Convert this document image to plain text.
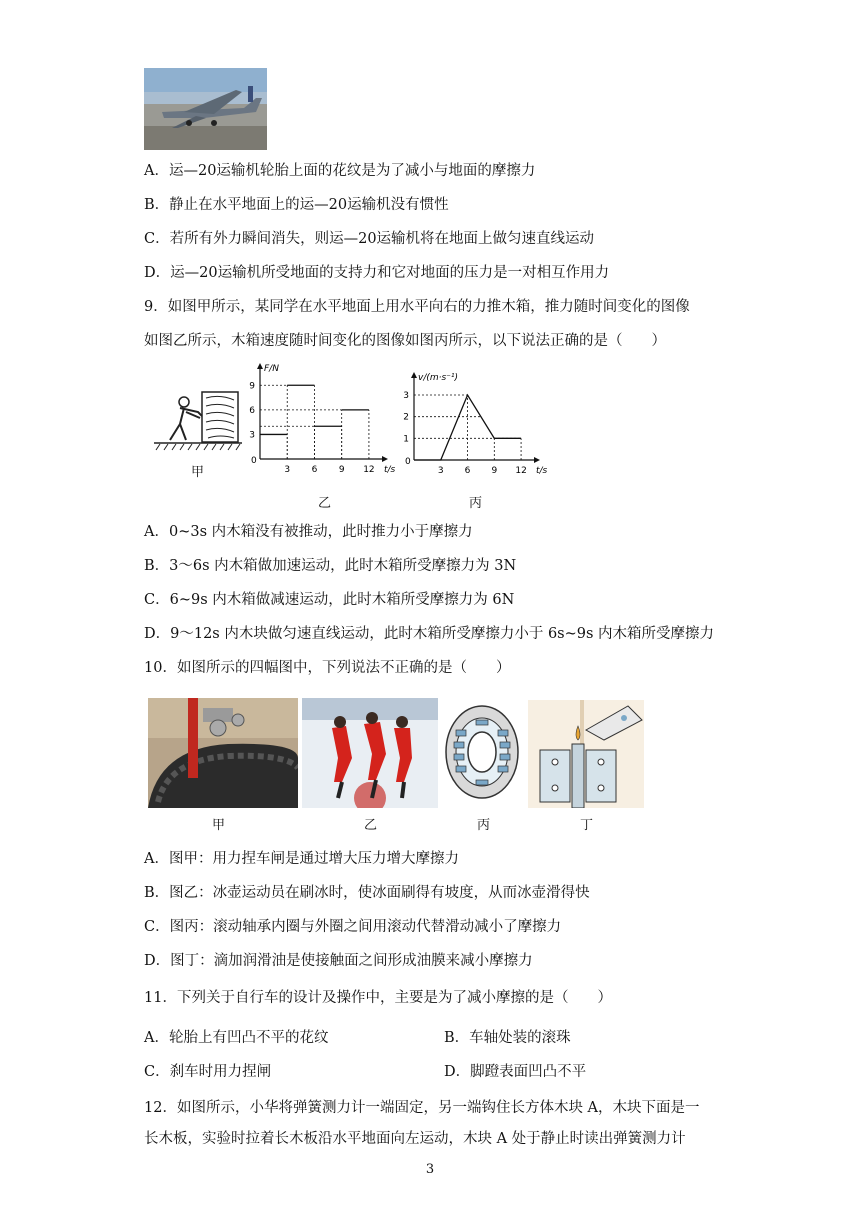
A．运—20运输机轮胎上面的花纹是为了减小与地面的摩擦力
B．静止在水平地面上的运—20运输机没有惯性
C．若所有外力瞬间消失，则运—20运输机将在地面上做匀速直线运动
D．运—20运输机所受地面的支持力和它对地面的压力是一对相互作用力
9．如图甲所示，某同学在水平地面上用水平向右的力推木箱，推力随时间变化的图像
如图乙所示，木箱速度随时间变化的图像如图丙所示，以下说法正确的是（　　）
甲
F/N
t/s
0
3 6 9 12
3
6
9
乙
v/(m·s⁻¹)
t/s
0
3 6 9 12
1
2
3
丙
A．0~3s 内木箱没有被推动，此时推力小于摩擦力
B．3～6s 内木箱做加速运动，此时木箱所受摩擦力为 3N
C．6~9s 内木箱做减速运动，此时木箱所受摩擦力为 6N
D．9～12s 内木块做匀速直线运动，此时木箱所受摩擦力小于 6s~9s 内木箱所受摩擦力
10．如图所示的四幅图中，下列说法不正确的是（　　）
甲	乙	丙	丁
A．图甲：用力捏车闸是通过增大压力增大摩擦力
B．图乙：冰壶运动员在刷冰时，使冰面刷得有坡度，从而冰壶滑得快
C．图丙：滚动轴承内圈与外圈之间用滚动代替滑动减小了摩擦力
D．图丁：滴加润滑油是使接触面之间形成油膜来减小摩擦力
11．下列关于自行车的设计及操作中，主要是为了减小摩擦的是（　　）
A．轮胎上有凹凸不平的花纹	B．车轴处装的滚珠
C．刹车时用力捏闸	D．脚蹬表面凹凸不平
12．如图所示，小华将弹簧测力计一端固定，另一端钩住长方体木块 A，木块下面是一
长木板，实验时拉着长木板沿水平地面向左运动，木块 A 处于静止时读出弹簧测力计
3
